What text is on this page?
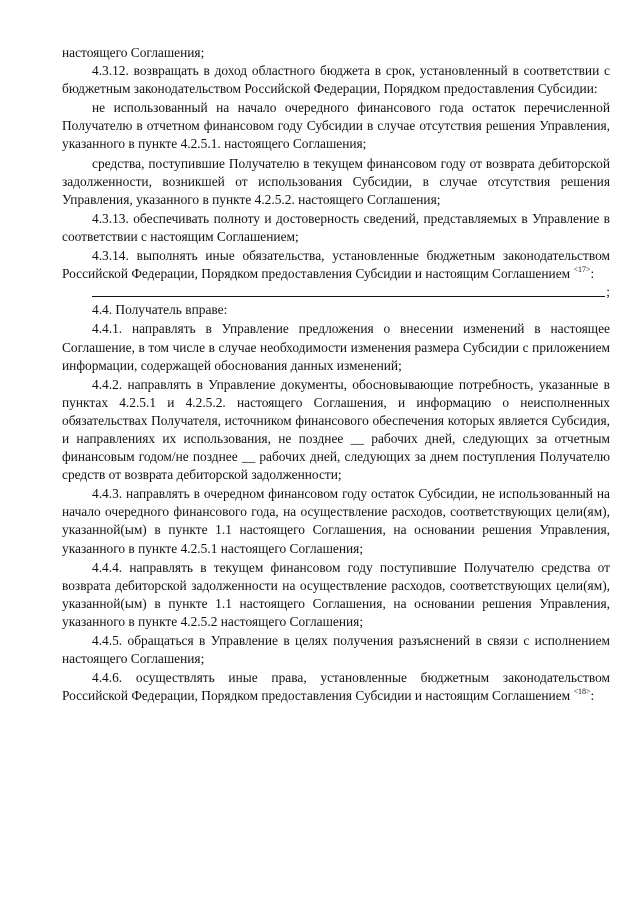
настоящего Соглашения;

4.3.12. возвращать в доход областного бюджета в срок, установленный в соответствии с бюджетным законодательством Российской Федерации, Порядком предоставления Субсидии:

не использованный на начало очередного финансового года остаток перечисленной Получателю в отчетном финансовом году Субсидии в случае отсутствия решения Управления, указанного в пункте 4.2.5.1. настоящего Соглашения;

средства, поступившие Получателю в текущем финансовом году от возврата дебиторской задолженности, возникшей от использования Субсидии, в случае отсутствия решения Управления, указанного в пункте 4.2.5.2. настоящего Соглашения;

4.3.13. обеспечивать полноту и достоверность сведений, представляемых в Управление в соответствии с настоящим Соглашением;

4.3.14. выполнять иные обязательства, установленные бюджетным законодательством Российской Федерации, Порядком предоставления Субсидии и настоящим Соглашением $^{<17>}$:

;

4.4. Получатель вправе:

4.4.1. направлять в Управление предложения о внесении изменений в настоящее Соглашение, в том числе в случае необходимости изменения размера Субсидии с приложением информации, содержащей обоснования данных изменений;

4.4.2. направлять в Управление документы, обосновывающие потребность, указанные в пунктах 4.2.5.1 и 4.2.5.2. настоящего Соглашения, и информацию о неисполненных обязательствах Получателя, источником финансового обеспечения которых является Субсидия, и направлениях их использования, не позднее __ рабочих дней, следующих за отчетным финансовым годом/не позднее __ рабочих дней, следующих за днем поступления Получателю средств от возврата дебиторской задолженности;

4.4.3. направлять в очередном финансовом году остаток Субсидии, не использованный на начало очередного финансового года, на осуществление расходов, соответствующих цели(ям), указанной(ым) в пункте 1.1 настоящего Соглашения, на основании решения Управления, указанного в пункте 4.2.5.1 настоящего Соглашения;

4.4.4. направлять в текущем финансовом году поступившие Получателю средства от возврата дебиторской задолженности на осуществление расходов, соответствующих цели(ям), указанной(ым) в пункте 1.1 настоящего Соглашения, на основании решения Управления, указанного в пункте 4.2.5.2 настоящего Соглашения;

4.4.5. обращаться в Управление в целях получения разъяснений в связи с исполнением настоящего Соглашения;

4.4.6. осуществлять иные права, установленные бюджетным законодательством Российской Федерации, Порядком предоставления Субсидии и настоящим Соглашением $^{<18>}$:
